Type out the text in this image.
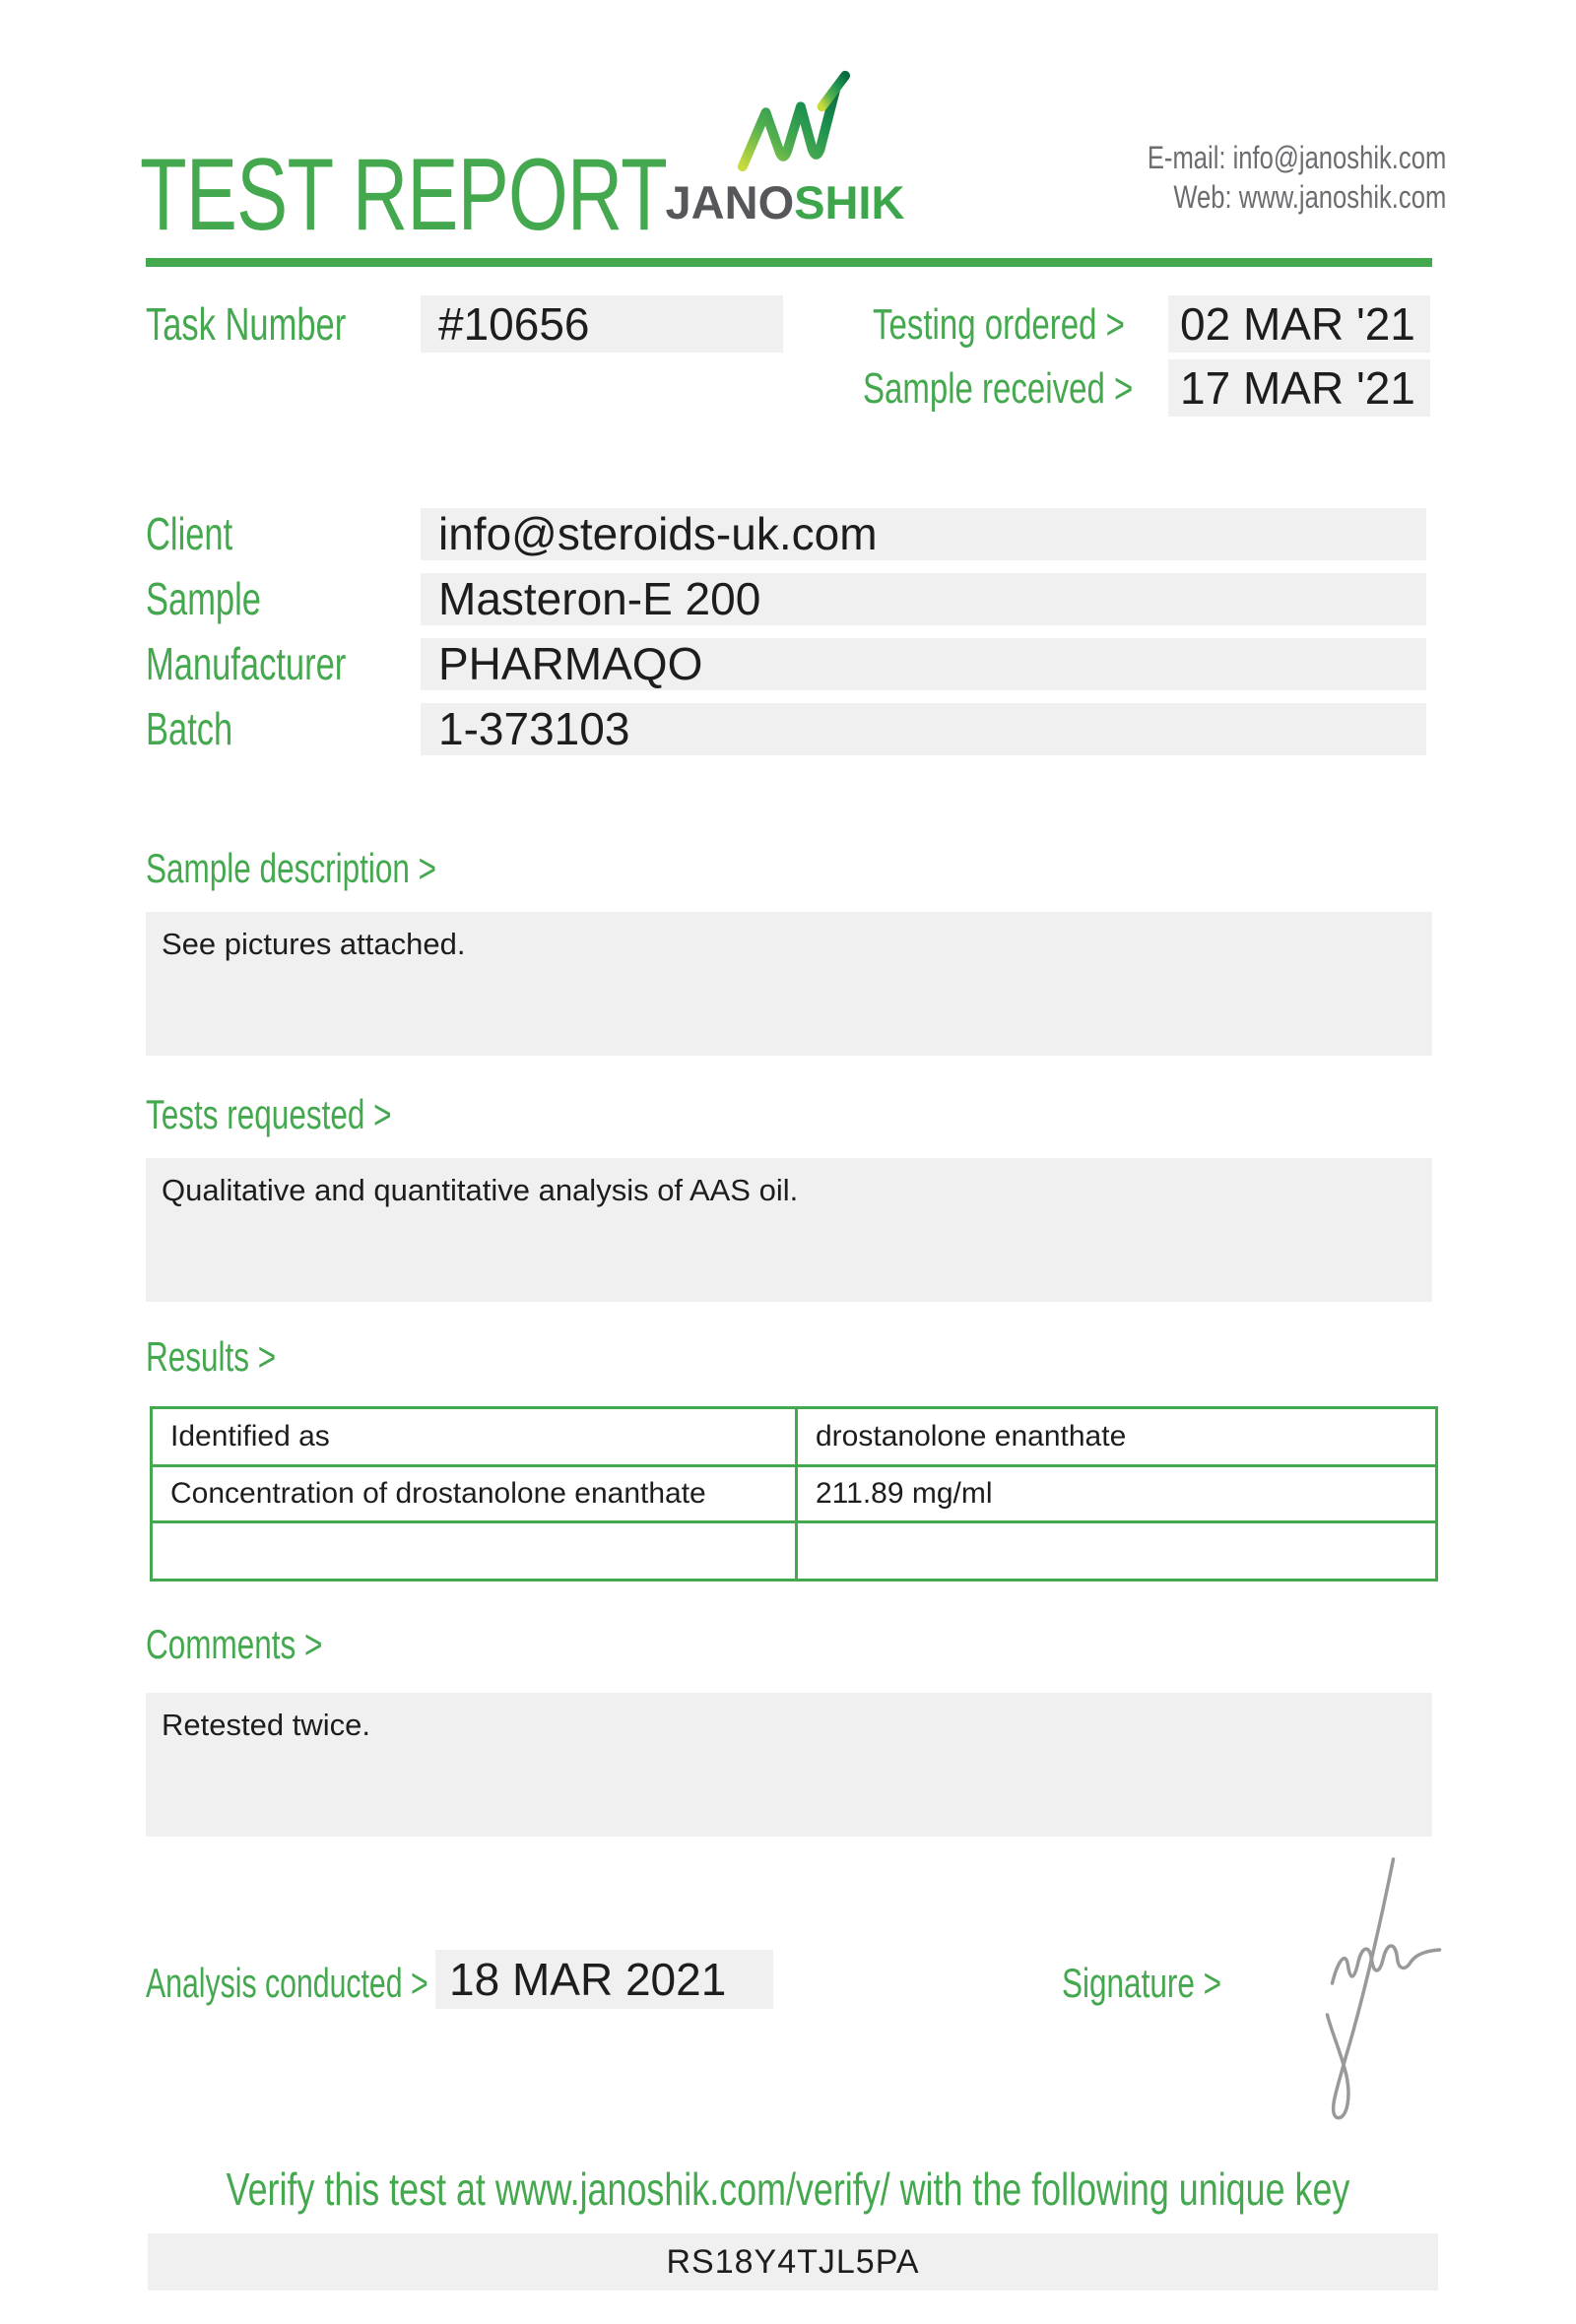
TEST REPORT
JANOSHIK
E-mail: info@janoshik.com
Web: www.janoshik.com
Task Number	#10656	Testing ordered > 02 MAR '21
Sample received > 17 MAR '21
Client	info@steroids-uk.com
Sample	Masteron-E 200
Manufacturer	PHARMAQO
Batch	1-373103
Sample description >
See pictures attached.
Tests requested >
Qualitative and quantitative analysis of AAS oil.
Results >
Identified as	drostanolone enanthate
Concentration of drostanolone enanthate	211.89 mg/ml
Comments >
Retested twice.
Analysis conducted > 18 MAR 2021	Signature >
Verify this test at www.janoshik.com/verify/ with the following unique key
RS18Y4TJL5PA
